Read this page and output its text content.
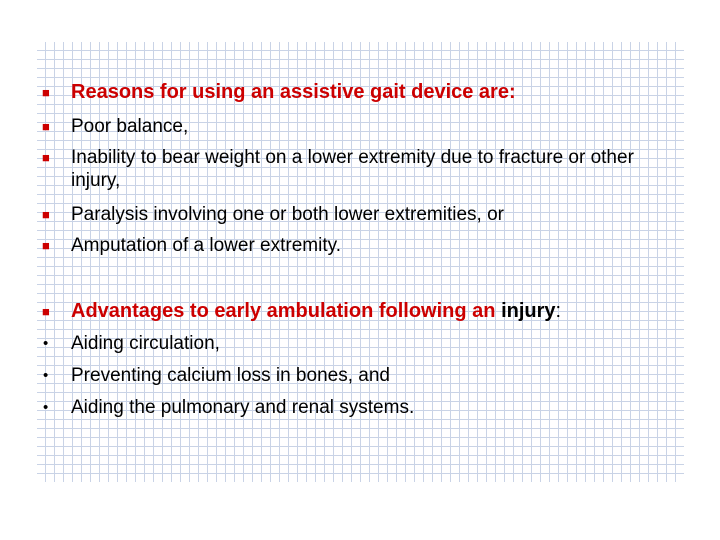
■	Reasons for using an assistive gait device are:
■	Poor balance,
■	Inability to bear weight on a lower extremity due to fracture or other injury,
■	Paralysis involving one or both lower extremities, or
■	Amputation of a lower extremity.
■	Advantages to early ambulation following an injury:
•	Aiding circulation,
•	Preventing calcium loss in bones, and
•	Aiding the pulmonary and renal systems.
